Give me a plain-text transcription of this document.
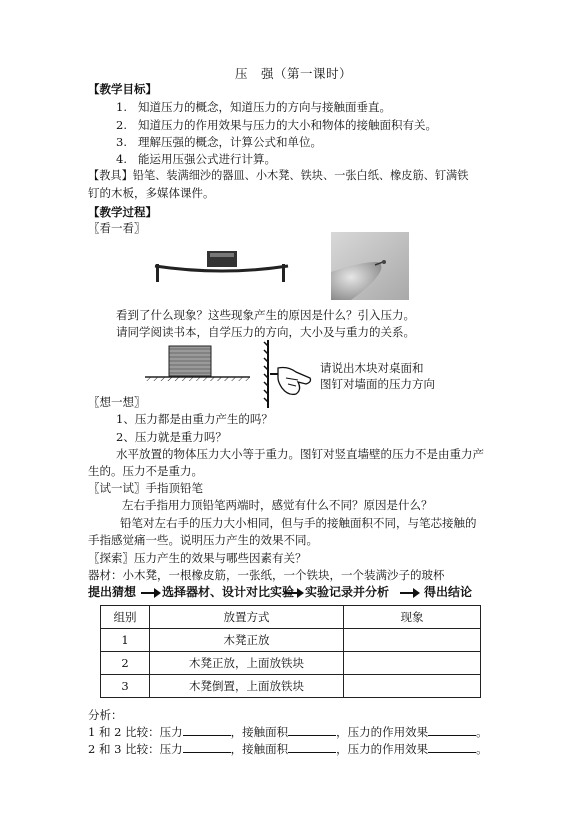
压　强（第一课时）
【教学目标】
1. 知道压力的概念，知道压力的方向与接触面垂直。
2. 知道压力的作用效果与压力的大小和物体的接触面积有关。
3. 理解压强的概念，计算公式和单位。
4. 能运用压强公式进行计算。
【教具】铅笔、装满细沙的器皿、小木凳、铁块、一张白纸、橡皮筋、钉满铁
钉的木板，多媒体课件。
【教学过程】
〖看一看〗
看到了什么现象？这些现象产生的原因是什么？引入压力。
请同学阅读书本，自学压力的方向，大小及与重力的关系。
请说出木块对桌面和
图钉对墙面的压力方向
〖想一想〗
1、压力都是由重力产生的吗？
2、压力就是重力吗？
水平放置的物体压力大小等于重力。图钉对竖直墙壁的压力不是由重力产
生的。压力不是重力。
〖试一试〗手指顶铅笔
左右手指用力顶铅笔两端时，感觉有什么不同？原因是什么？
铅笔对左右手的压力大小相同，但与手的接触面积不同，与笔芯接触的
手指感觉痛一些。说明压力产生的效果不同。
〖探索〗压力产生的效果与哪些因素有关？
器材：小木凳，一根橡皮筋，一张纸，一个铁块，一个装满沙子的玻杯
提出猜想 选择器材、设计对比实验 实验记录并分析	得出结论
组别	放置方式	现象
1	木凳正放	
2	木凳正放，上面放铁块	
3	木凳倒置，上面放铁块	
分析：
1 和 2 比较：压力	，接触面积	，压力的作用效果	。
2 和 3 比较：压力	，接触面积	，压力的作用效果	。
